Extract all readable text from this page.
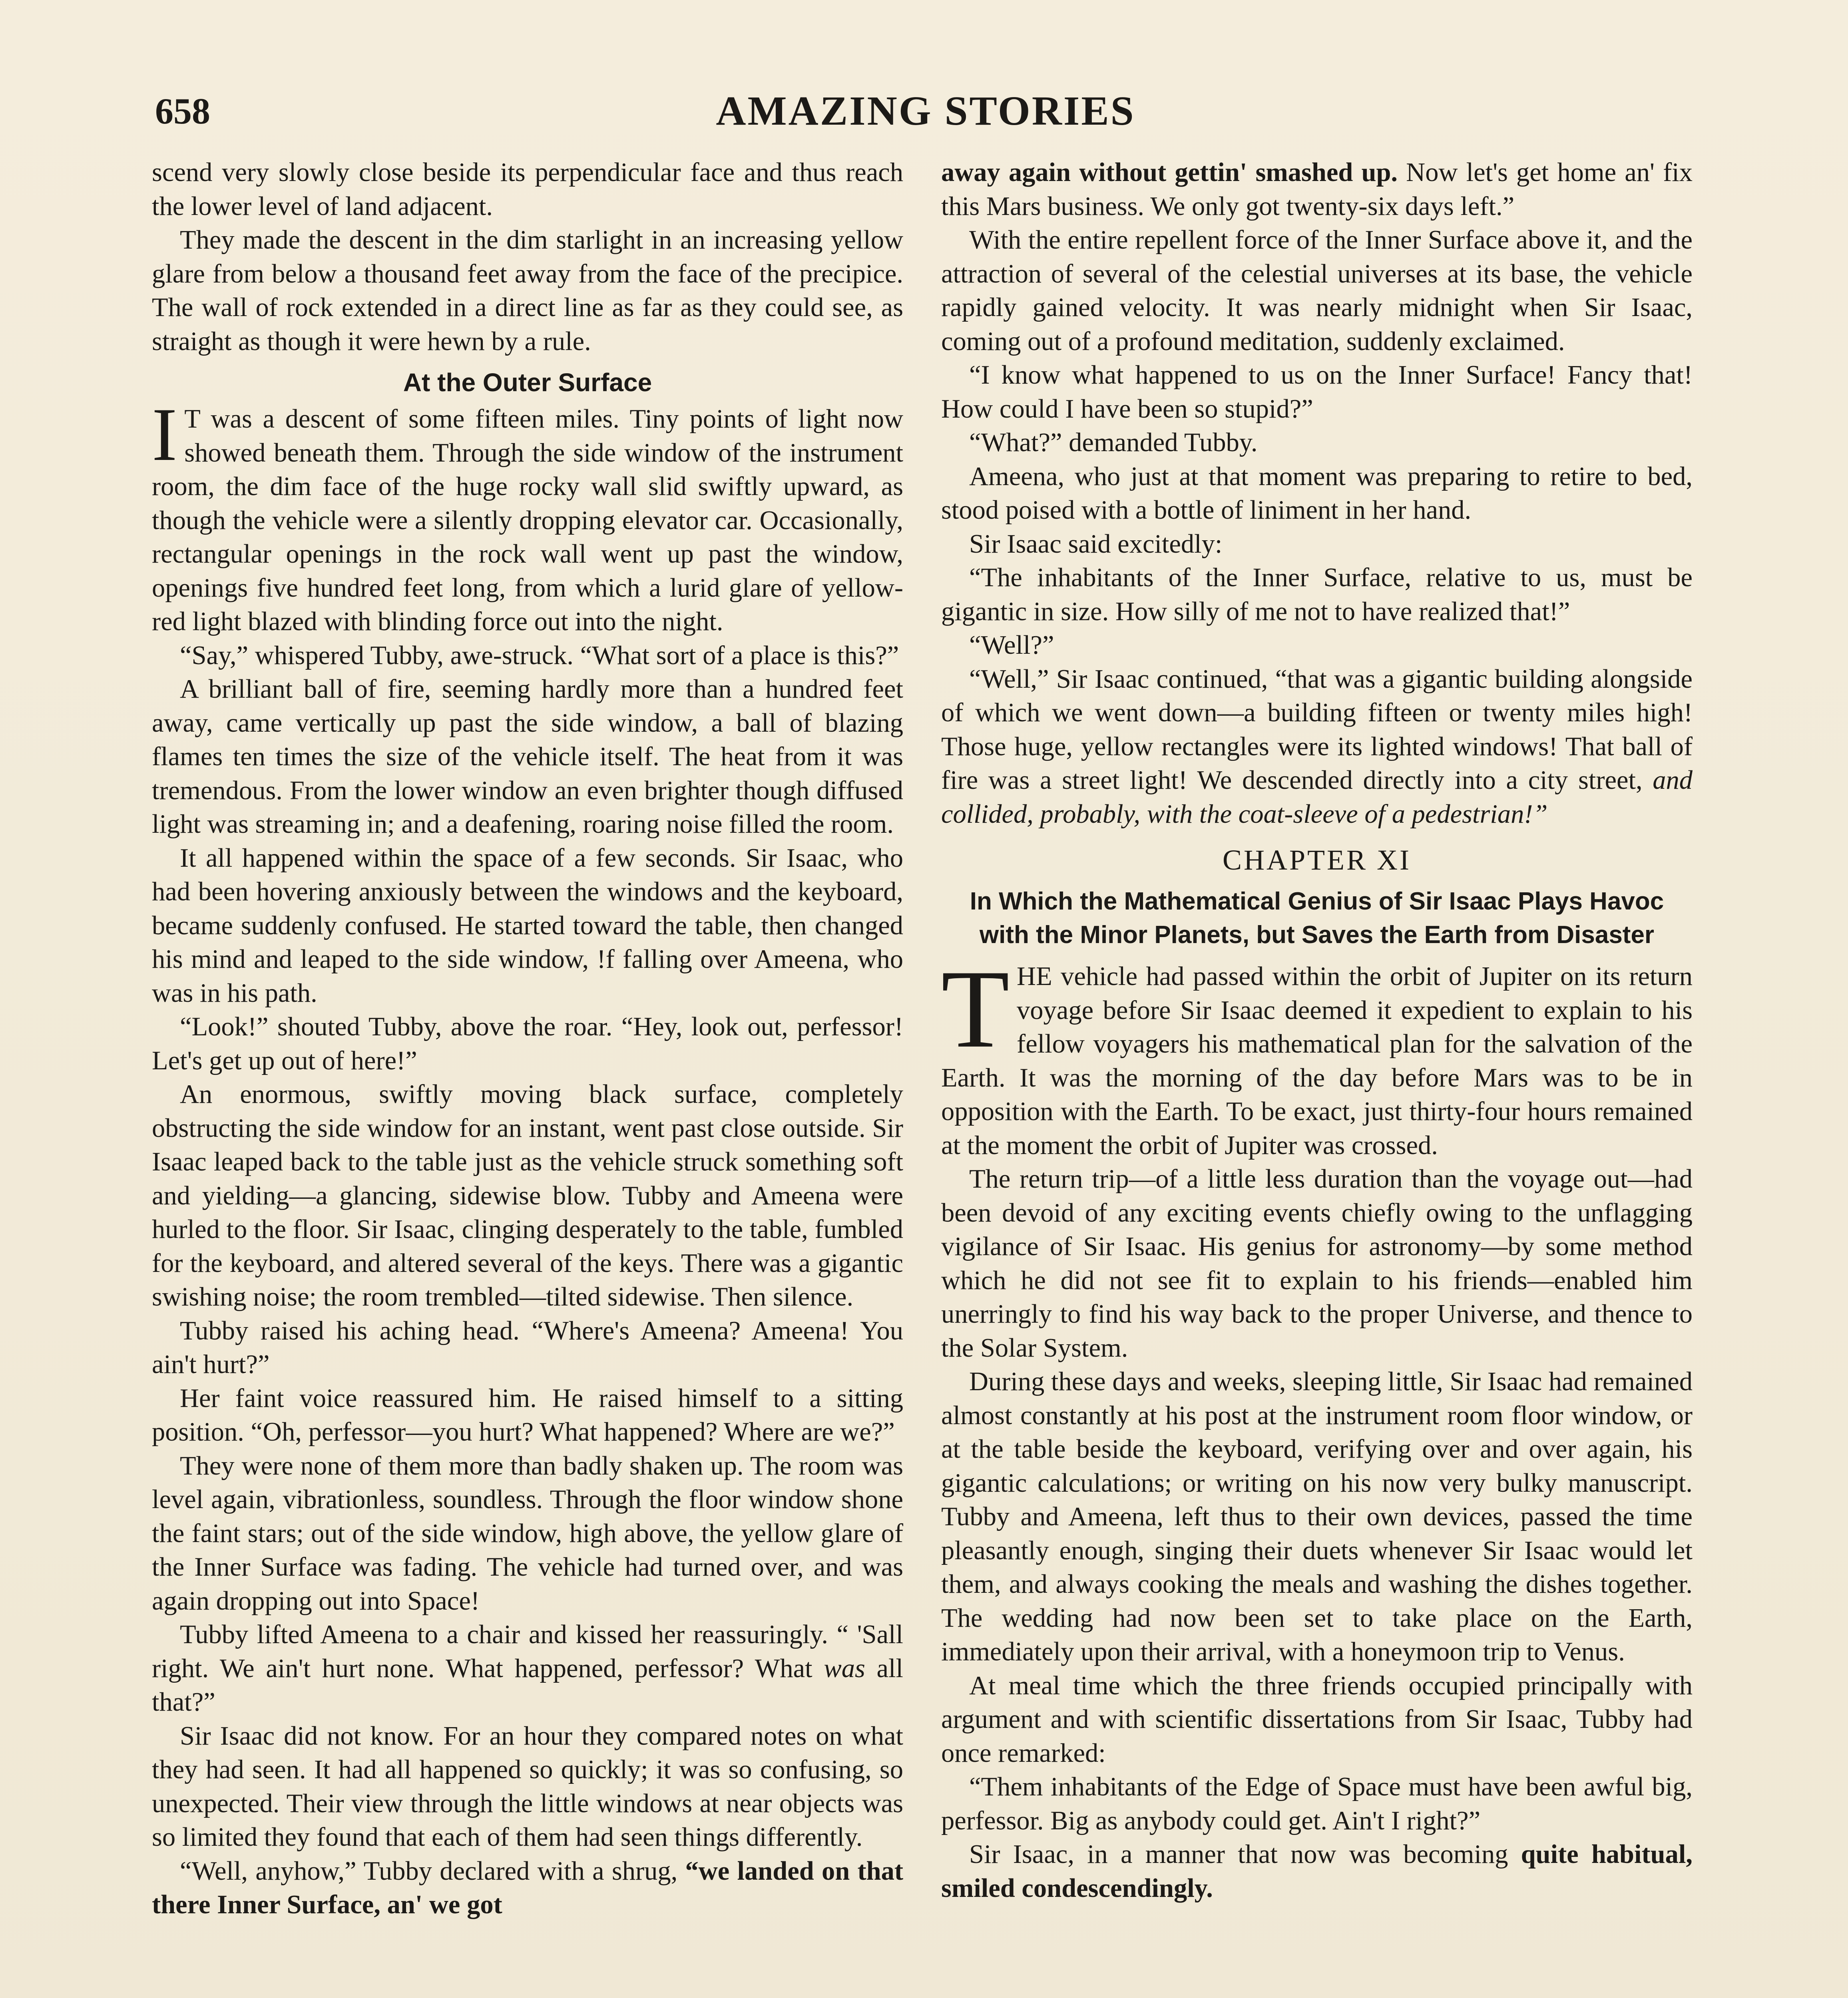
658	AMAZING STORIES

scend very slowly close beside its perpendicular face and thus reach the lower level of land adjacent.

They made the descent in the dim starlight in an increasing yellow glare from below a thousand feet away from the face of the precipice. The wall of rock extended in a direct line as far as they could see, as straight as though it were hewn by a rule.

At the Outer Surface

I T was a descent of some fifteen miles. Tiny points of light now showed beneath them. Through the side window of the instrument room, the dim face of the huge rocky wall slid swiftly upward, as though the vehicle were a silently dropping elevator car. Occasionally, rectangular openings in the rock wall went up past the window, openings five hundred feet long, from which a lurid glare of yellow-red light blazed with blinding force out into the night.

“Say,” whispered Tubby, awe-struck. “What sort of a place is this?”

A brilliant ball of fire, seeming hardly more than a hundred feet away, came vertically up past the side window, a ball of blazing flames ten times the size of the vehicle itself. The heat from it was tremendous. From the lower window an even brighter though diffused light was streaming in; and a deafening, roaring noise filled the room.

It all happened within the space of a few seconds. Sir Isaac, who had been hovering anxiously between the windows and the keyboard, became suddenly confused. He started toward the table, then changed his mind and leaped to the side window, !f falling over Ameena, who was in his path.

“Look!” shouted Tubby, above the roar. “Hey, look out, perfessor! Let's get up out of here!”

An enormous, swiftly moving black surface, completely obstructing the side window for an instant, went past close outside. Sir Isaac leaped back to the table just as the vehicle struck something soft and yielding—a glancing, sidewise blow. Tubby and Ameena were hurled to the floor. Sir Isaac, clinging desperately to the table, fumbled for the keyboard, and altered several of the keys. There was a gigantic swishing noise; the room trembled—tilted sidewise. Then silence.

Tubby raised his aching head. “Where's Ameena? Ameena! You ain't hurt?”

Her faint voice reassured him. He raised himself to a sitting position. “Oh, perfessor—you hurt? What happened? Where are we?”

They were none of them more than badly shaken up. The room was level again, vibrationless, soundless. Through the floor window shone the faint stars; out of the side window, high above, the yellow glare of the Inner Surface was fading. The vehicle had turned over, and was again dropping out into Space!

Tubby lifted Ameena to a chair and kissed her reassuringly. “ 'Sall right. We ain't hurt none. What happened, perfessor? What was all that?”

Sir Isaac did not know. For an hour they compared notes on what they had seen. It had all happened so quickly; it was so confusing, so unexpected. Their view through the little windows at near objects was so limited they found that each of them had seen things differently.

“Well, anyhow,” Tubby declared with a shrug, “we landed on that there Inner Surface, an' we got

away again without gettin' smashed up. Now let's get home an' fix this Mars business. We only got twenty-six days left.”

With the entire repellent force of the Inner Surface above it, and the attraction of several of the celestial universes at its base, the vehicle rapidly gained velocity. It was nearly midnight when Sir Isaac, coming out of a profound meditation, suddenly exclaimed.

“I know what happened to us on the Inner Surface! Fancy that! How could I have been so stupid?”

“What?” demanded Tubby.

Ameena, who just at that moment was preparing to retire to bed, stood poised with a bottle of liniment in her hand.

Sir Isaac said excitedly:

“The inhabitants of the Inner Surface, relative to us, must be gigantic in size. How silly of me not to have realized that!”

“Well?”

“Well,” Sir Isaac continued, “that was a gigantic building alongside of which we went down—a building fifteen or twenty miles high! Those huge, yellow rectangles were its lighted windows! That ball of fire was a street light! We descended directly into a city street, and collided, probably, with the coat-sleeve of a pedestrian!”

CHAPTER XI
In Which the Mathematical Genius of Sir Isaac Plays Havoc with the Minor Planets, but Saves the Earth from Disaster

THE vehicle had passed within the orbit of Jupiter on its return voyage before Sir Isaac deemed it expedient to explain to his fellow voyagers his mathematical plan for the salvation of the Earth. It was the morning of the day before Mars was to be in opposition with the Earth. To be exact, just thirty-four hours remained at the moment the orbit of Jupiter was crossed.

The return trip—of a little less duration than the voyage out—had been devoid of any exciting events chiefly owing to the unflagging vigilance of Sir Isaac. His genius for astronomy—by some method which he did not see fit to explain to his friends—enabled him unerringly to find his way back to the proper Universe, and thence to the Solar System.

During these days and weeks, sleeping little, Sir Isaac had remained almost constantly at his post at the instrument room floor window, or at the table beside the keyboard, verifying over and over again, his gigantic calculations; or writing on his now very bulky manuscript. Tubby and Ameena, left thus to their own devices, passed the time pleasantly enough, singing their duets whenever Sir Isaac would let them, and always cooking the meals and washing the dishes together. The wedding had now been set to take place on the Earth, immediately upon their arrival, with a honeymoon trip to Venus.

At meal time which the three friends occupied principally with argument and with scientific dissertations from Sir Isaac, Tubby had once remarked:

“Them inhabitants of the Edge of Space must have been awful big, perfessor. Big as anybody could get. Ain't I right?”

Sir Isaac, in a manner that now was becoming quite habitual, smiled condescendingly.
